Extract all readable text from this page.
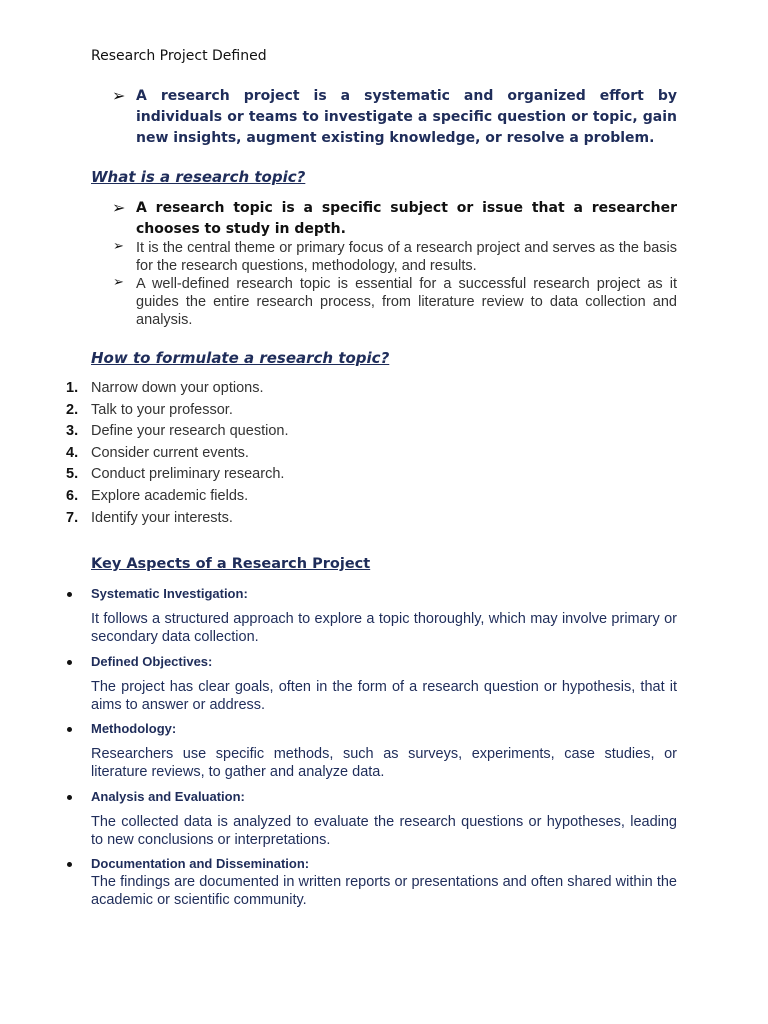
Research Project Defined
➢ A research project is a systematic and organized effort by individuals or teams to investigate a specific question or topic, gain new insights, augment existing knowledge, or resolve a problem.
What is a research topic?
➢ A research topic is a specific subject or issue that a researcher chooses to study in depth.
➢ It is the central theme or primary focus of a research project and serves as the basis for the research questions, methodology, and results.
➢ A well-defined research topic is essential for a successful research project as it guides the entire research process, from literature review to data collection and analysis.
How to formulate a research topic?
1. Narrow down your options.
2. Talk to your professor.
3. Define your research question.
4. Consider current events.
5. Conduct preliminary research.
6. Explore academic fields.
7. Identify your interests.
Key Aspects of a Research Project
Systematic Investigation:
It follows a structured approach to explore a topic thoroughly, which may involve primary or secondary data collection.
Defined Objectives:
The project has clear goals, often in the form of a research question or hypothesis, that it aims to answer or address.
Methodology:
Researchers use specific methods, such as surveys, experiments, case studies, or literature reviews, to gather and analyze data.
Analysis and Evaluation:
The collected data is analyzed to evaluate the research questions or hypotheses, leading to new conclusions or interpretations.
Documentation and Dissemination:
The findings are documented in written reports or presentations and often shared within the academic or scientific community.
